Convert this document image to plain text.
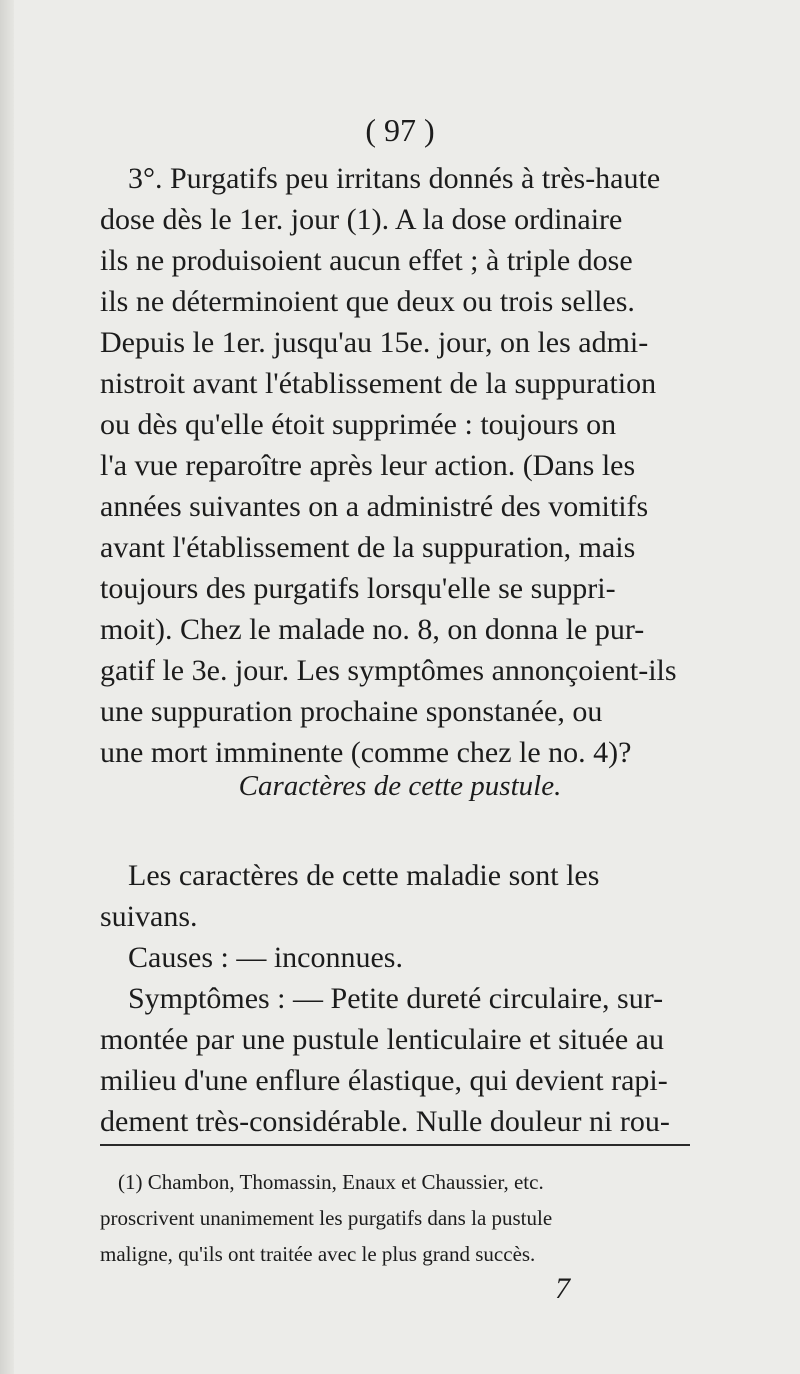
( 97 )
3°. Purgatifs peu irritans donnés à très-haute
dose dès le 1er. jour (1). A la dose ordinaire
ils ne produisoient aucun effet ; à triple dose
ils ne déterminoient que deux ou trois selles.
Depuis le 1er. jusqu'au 15e. jour, on les admi-
nistroit avant l'établissement de la suppuration
ou dès qu'elle étoit supprimée : toujours on
l'a vue reparoître après leur action. (Dans les
années suivantes on a administré des vomitifs
avant l'établissement de la suppuration, mais
toujours des purgatifs lorsqu'elle se suppri-
moit). Chez le malade no. 8, on donna le pur-
gatif le 3e. jour. Les symptômes annonçoient-ils
une suppuration prochaine sponstanée, ou
une mort imminente (comme chez le no. 4)?
Caractères de cette pustule.
Les caractères de cette maladie sont les
suivans.
Causes : — inconnues.
Symptômes : — Petite dureté circulaire, sur-
montée par une pustule lenticulaire et située au
milieu d'une enflure élastique, qui devient rapi-
dement très-considérable. Nulle douleur ni rou-
(1) Chambon, Thomassin, Enaux et Chaussier, etc.
proscrivent unanimement les purgatifs dans la pustule
maligne, qu'ils ont traitée avec le plus grand succès.
7
